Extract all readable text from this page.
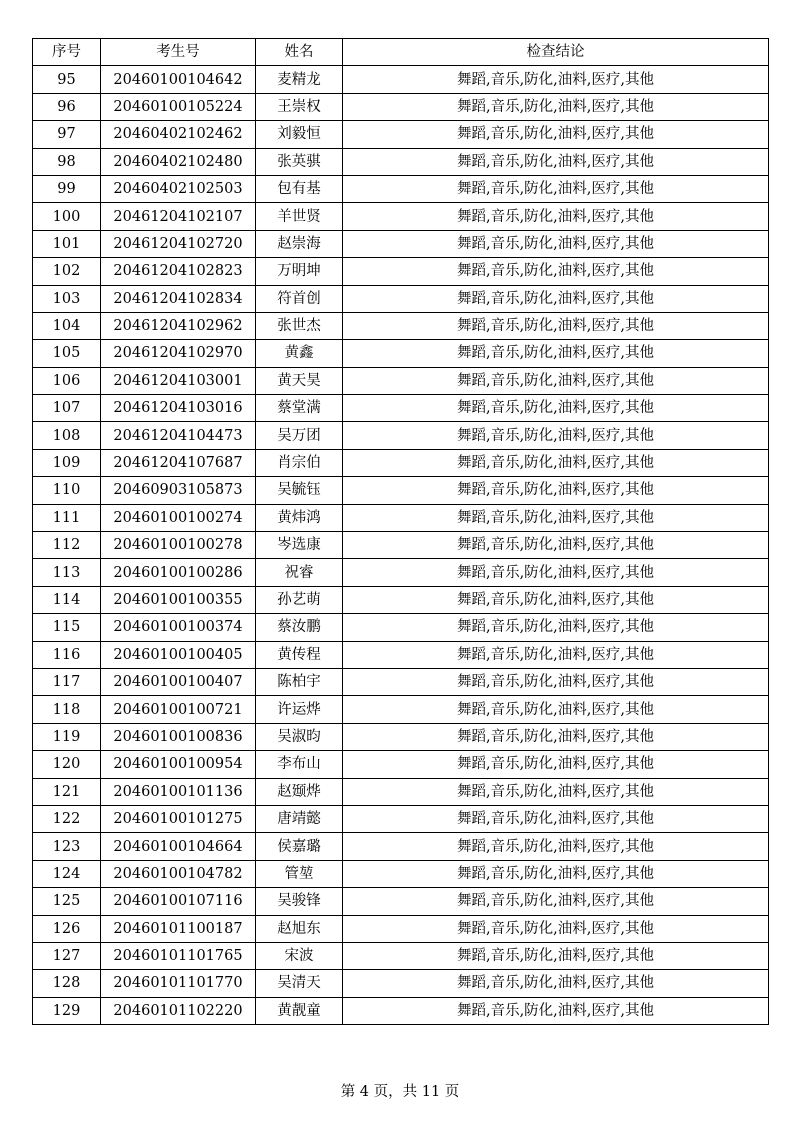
序号	考生号	姓名	检查结论
95	20460100104642	麦精龙	舞蹈,音乐,防化,油料,医疗,其他
96	20460100105224	王崇权	舞蹈,音乐,防化,油料,医疗,其他
97	20460402102462	刘毅恒	舞蹈,音乐,防化,油料,医疗,其他
98	20460402102480	张英骐	舞蹈,音乐,防化,油料,医疗,其他
99	20460402102503	包有基	舞蹈,音乐,防化,油料,医疗,其他
100	20461204102107	羊世贤	舞蹈,音乐,防化,油料,医疗,其他
101	20461204102720	赵崇海	舞蹈,音乐,防化,油料,医疗,其他
102	20461204102823	万明坤	舞蹈,音乐,防化,油料,医疗,其他
103	20461204102834	符首创	舞蹈,音乐,防化,油料,医疗,其他
104	20461204102962	张世杰	舞蹈,音乐,防化,油料,医疗,其他
105	20461204102970	黄鑫	舞蹈,音乐,防化,油料,医疗,其他
106	20461204103001	黄天昊	舞蹈,音乐,防化,油料,医疗,其他
107	20461204103016	蔡堂满	舞蹈,音乐,防化,油料,医疗,其他
108	20461204104473	吴万团	舞蹈,音乐,防化,油料,医疗,其他
109	20461204107687	肖宗伯	舞蹈,音乐,防化,油料,医疗,其他
110	20460903105873	吴毓钰	舞蹈,音乐,防化,油料,医疗,其他
111	20460100100274	黄炜鸿	舞蹈,音乐,防化,油料,医疗,其他
112	20460100100278	岑选康	舞蹈,音乐,防化,油料,医疗,其他
113	20460100100286	祝睿	舞蹈,音乐,防化,油料,医疗,其他
114	20460100100355	孙艺萌	舞蹈,音乐,防化,油料,医疗,其他
115	20460100100374	蔡汝鹏	舞蹈,音乐,防化,油料,医疗,其他
116	20460100100405	黄传程	舞蹈,音乐,防化,油料,医疗,其他
117	20460100100407	陈柏宇	舞蹈,音乐,防化,油料,医疗,其他
118	20460100100721	许运烨	舞蹈,音乐,防化,油料,医疗,其他
119	20460100100836	吴淑昀	舞蹈,音乐,防化,油料,医疗,其他
120	20460100100954	李布山	舞蹈,音乐,防化,油料,医疗,其他
121	20460100101136	赵颋烨	舞蹈,音乐,防化,油料,医疗,其他
122	20460100101275	唐靖懿	舞蹈,音乐,防化,油料,医疗,其他
123	20460100104664	侯嘉璐	舞蹈,音乐,防化,油料,医疗,其他
124	20460100104782	管堃	舞蹈,音乐,防化,油料,医疗,其他
125	20460100107116	吴骏锋	舞蹈,音乐,防化,油料,医疗,其他
126	20460101100187	赵旭东	舞蹈,音乐,防化,油料,医疗,其他
127	20460101101765	宋波	舞蹈,音乐,防化,油料,医疗,其他
128	20460101101770	吴清天	舞蹈,音乐,防化,油料,医疗,其他
129	20460101102220	黄靓童	舞蹈,音乐,防化,油料,医疗,其他
第 4 页，共 11 页
